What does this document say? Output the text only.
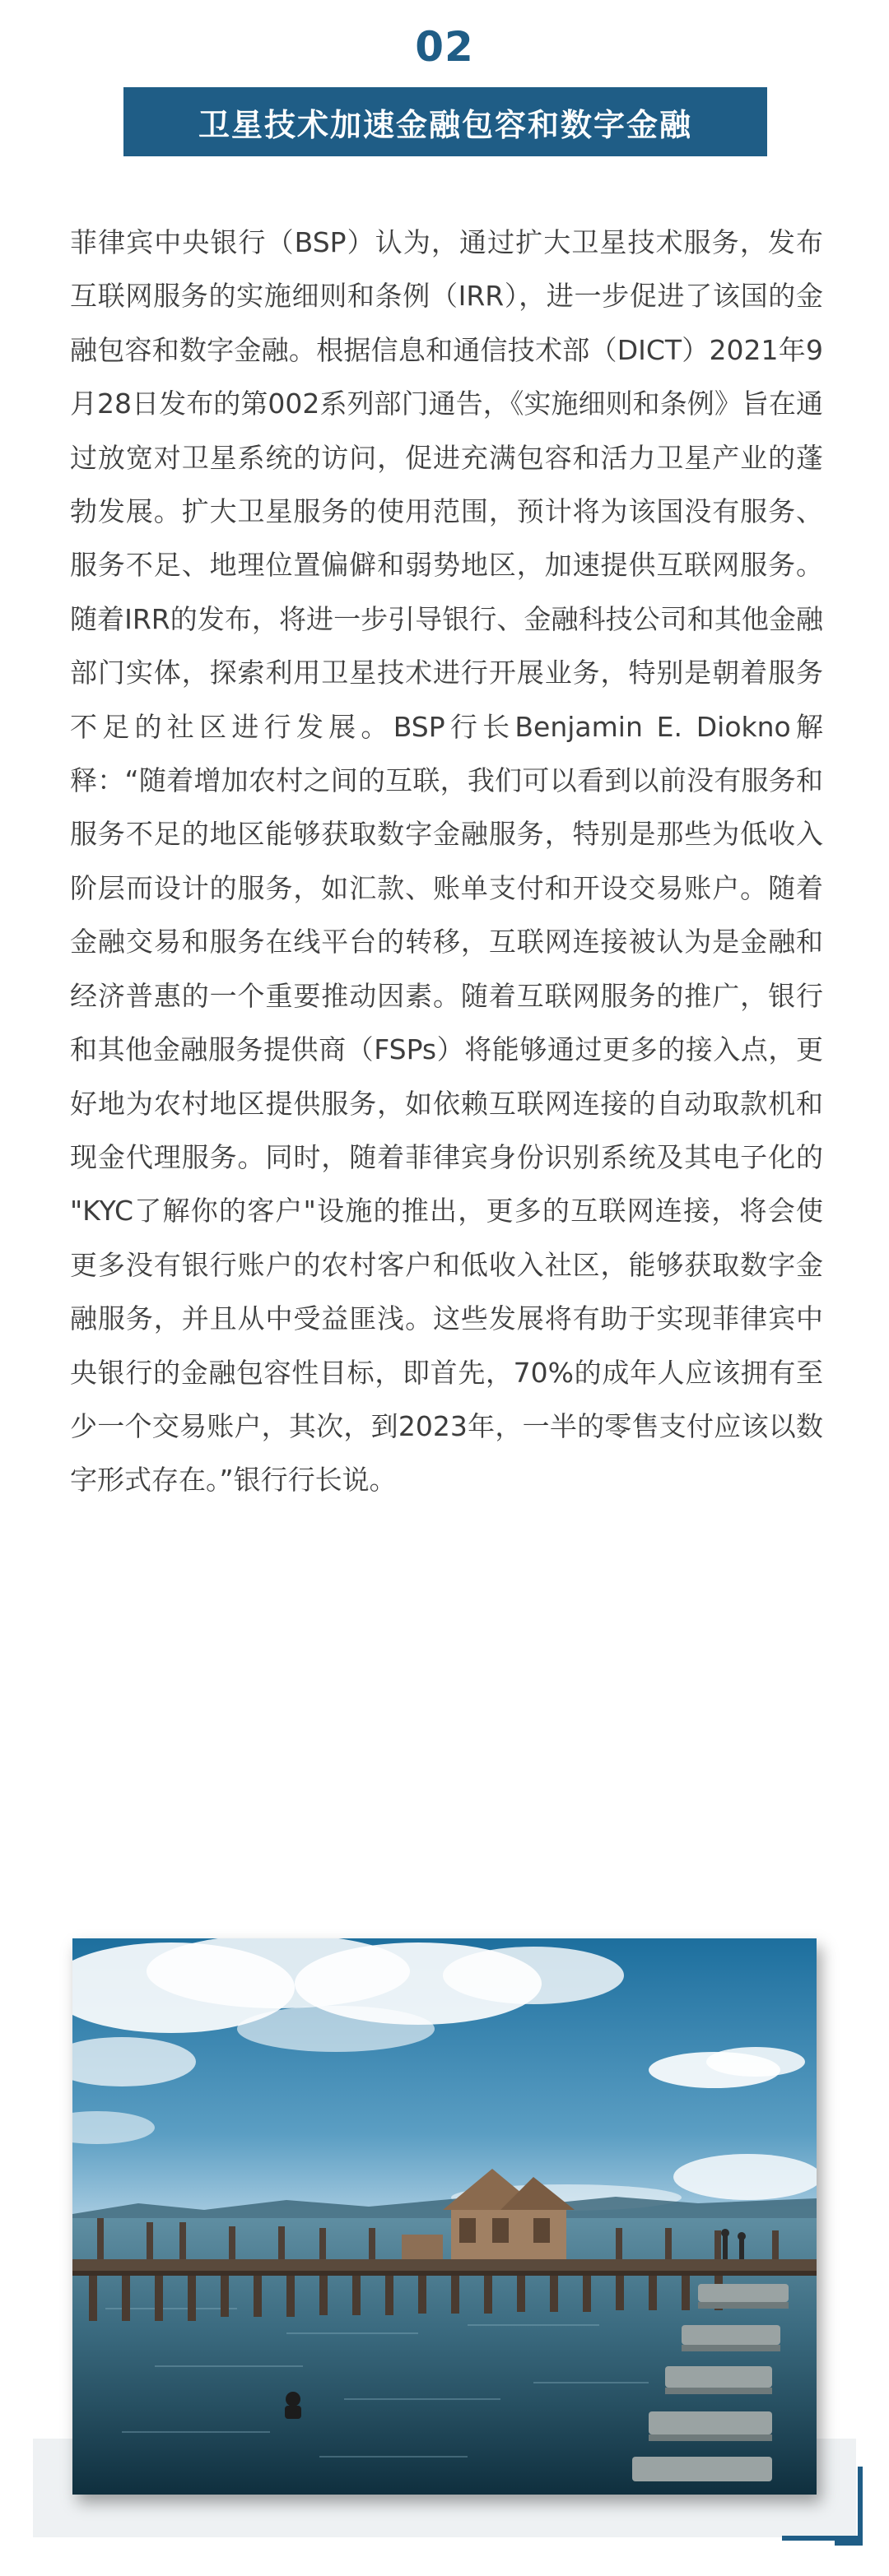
02
卫星技术加速金融包容和数字金融

菲律宾中央银行（BSP）认为，通过扩大卫星技术服务，发布互联网服务的实施细则和条例（IRR），进一步促进了该国的金融包容和数字金融。根据信息和通信技术部（DICT）2021年9月28日发布的第002系列部门通告，《实施细则和条例》旨在通过放宽对卫星系统的访问，促进充满包容和活力卫星产业的蓬勃发展。扩大卫星服务的使用范围，预计将为该国没有服务、服务不足、地理位置偏僻和弱势地区，加速提供互联网服务。随着IRR的发布，将进一步引导银行、金融科技公司和其他金融部门实体，探索利用卫星技术进行开展业务，特别是朝着服务不足的社区进行发展。BSP行长Benjamin E. Diokno解释：“随着增加农村之间的互联，我们可以看到以前没有服务和服务不足的地区能够获取数字金融服务，特别是那些为低收入阶层而设计的服务，如汇款、账单支付和开设交易账户。随着金融交易和服务在线平台的转移，互联网连接被认为是金融和经济普惠的一个重要推动因素。随着互联网服务的推广，银行和其他金融服务提供商（FSPs）将能够通过更多的接入点，更好地为农村地区提供服务，如依赖互联网连接的自动取款机和现金代理服务。同时，随着菲律宾身份识别系统及其电子化的 "KYC了解你的客户"设施的推出，更多的互联网连接，将会使更多没有银行账户的农村客户和低收入社区，能够获取数字金融服务，并且从中受益匪浅。这些发展将有助于实现菲律宾中央银行的金融包容性目标，即首先，70%的成年人应该拥有至少一个交易账户，其次，到2023年，一半的零售支付应该以数字形式存在。”银行行长说。
